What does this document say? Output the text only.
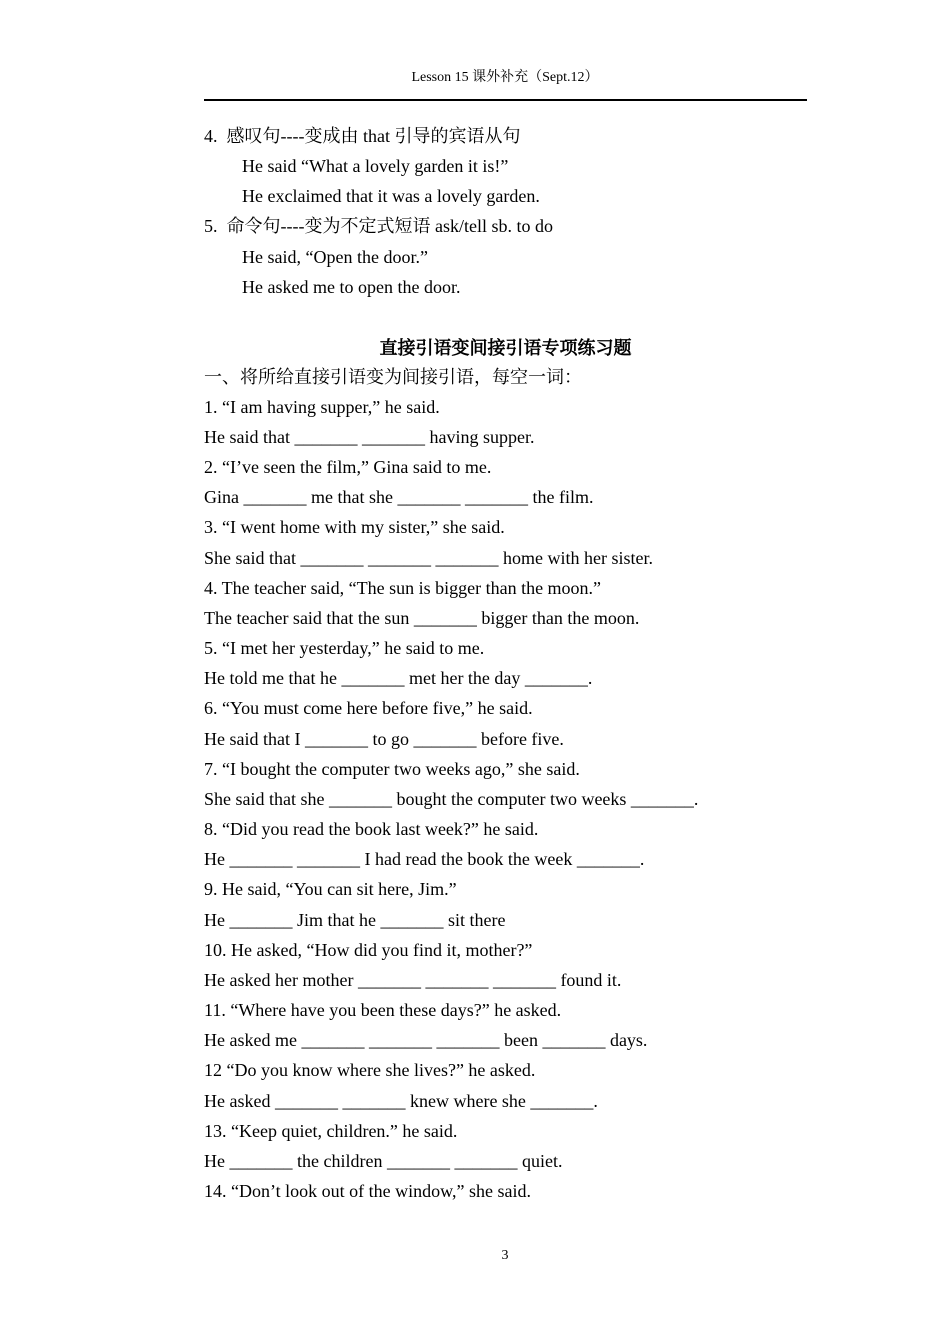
Lesson 15 课外补充（Sept.12）
4.  感叹句----变成由 that 引导的宾语从句
He said “What a lovely garden it is!”
He exclaimed that it was a lovely garden.
5.  命令句----变为不定式短语 ask/tell sb. to do
He said, “Open the door.”
He asked me to open the door.
直接引语变间接引语专项练习题
一、将所给直接引语变为间接引语，每空一词：
1. “I am having supper,” he said.
He said that _______ _______ having supper.
2. “I’ve seen the film,” Gina said to me.
Gina _______ me that she _______ _______ the film.
3. “I went home with my sister,” she said.
She said that _______ _______ _______ home with her sister.
4. The teacher said, “The sun is bigger than the moon.”
The teacher said that the sun _______ bigger than the moon.
5. “I met her yesterday,” he said to me.
He told me that he _______ met her the day _______.
6. “You must come here before five,” he said.
He said that I _______ to go _______ before five.
7. “I bought the computer two weeks ago,” she said.
She said that she _______ bought the computer two weeks _______.
8. “Did you read the book last week?” he said.
He _______ _______ I had read the book the week _______.
9. He said, “You can sit here, Jim.”
He _______ Jim that he _______ sit there
10. He asked, “How did you find it, mother?”
He asked her mother _______ _______ _______ found it.
11. “Where have you been these days?” he asked.
He asked me _______ _______ _______ been _______ days.
12 “Do you know where she lives?” he asked.
He asked _______ _______ knew where she _______.
13. “Keep quiet, children.” he said.
He _______ the children _______ _______ quiet.
14. “Don’t look out of the window,” she said.
3
